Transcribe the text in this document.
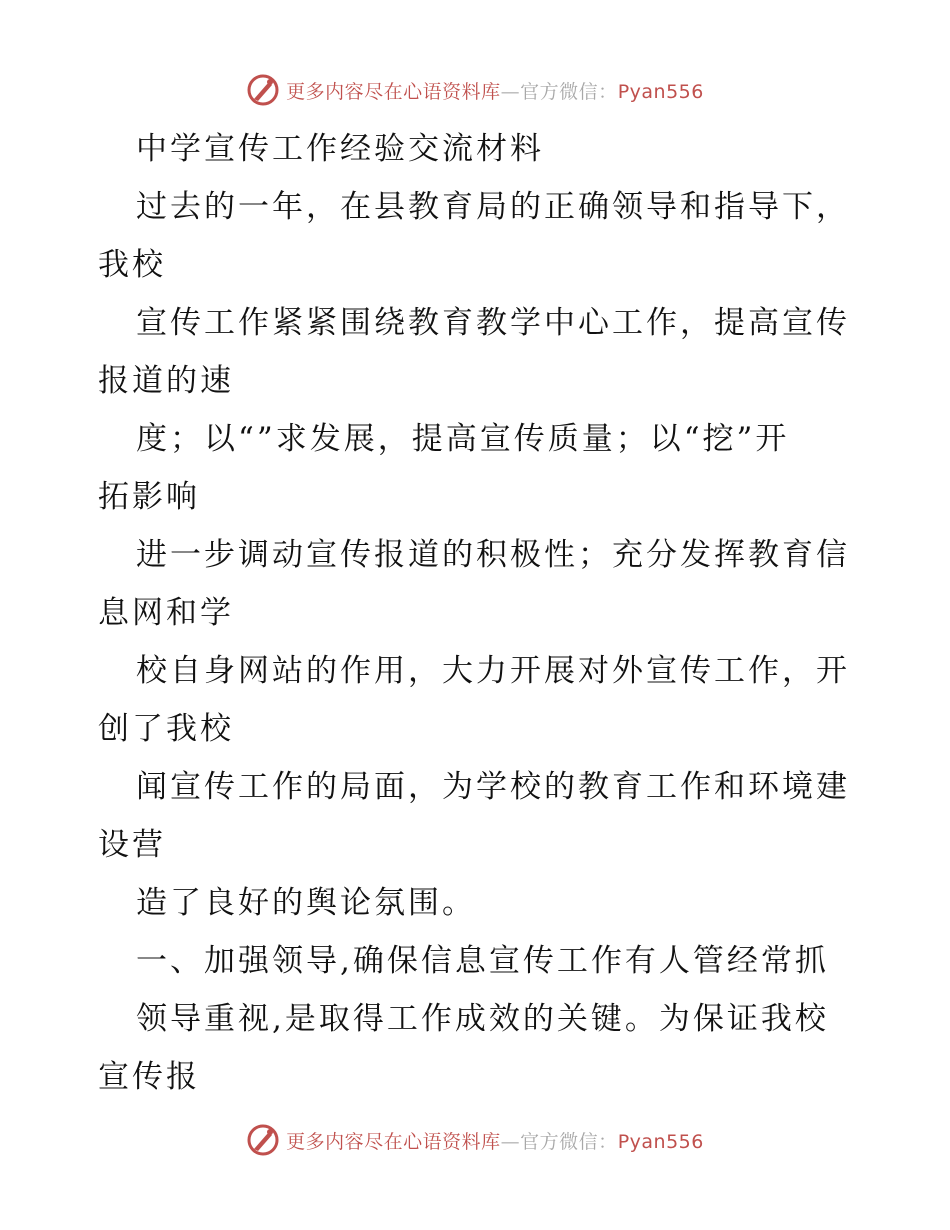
更多内容尽在心语资料库—官方微信：Pyan556
中学宣传工作经验交流材料
过去的一年，在县教育局的正确领导和指导下，
我校
宣传工作紧紧围绕教育教学中心工作，提高宣传
报道的速
度；以“”求发展，提高宣传质量；以“挖”开
拓影响
进一步调动宣传报道的积极性；充分发挥教育信
息网和学
校自身网站的作用，大力开展对外宣传工作，开
创了我校
闻宣传工作的局面，为学校的教育工作和环境建
设营
造了良好的舆论氛围。
一、加强领导,确保信息宣传工作有人管经常抓
领导重视,是取得工作成效的关键。为保证我校
宣传报
更多内容尽在心语资料库—官方微信：Pyan556
